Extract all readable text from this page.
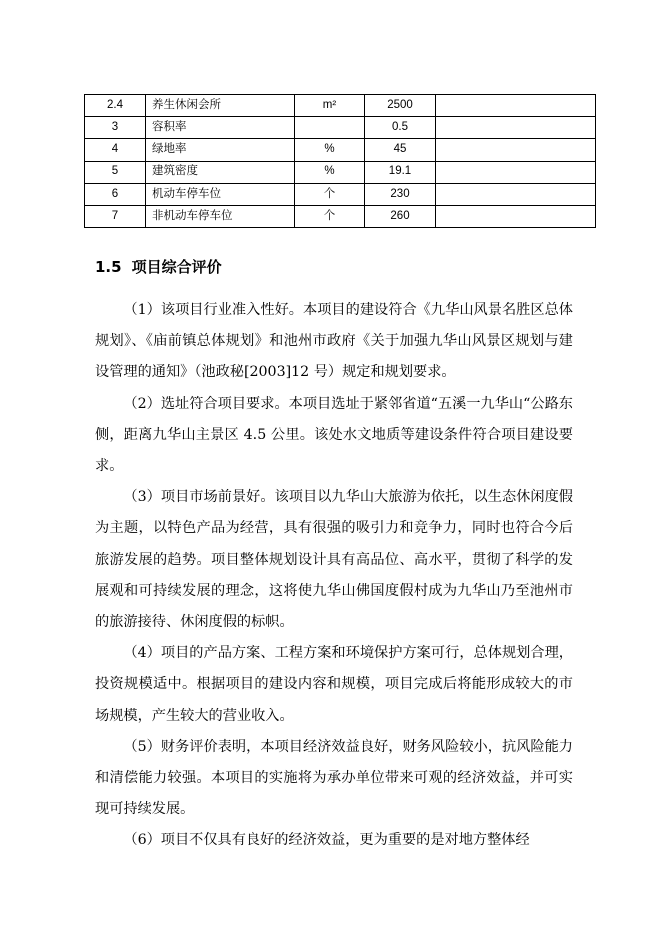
2.4	养生休闲会所	m²	2500	
3	容积率		0.5	
4	绿地率	%	45	
5	建筑密度	%	19.1	
6	机动车停车位	个	230	
7	非机动车停车位	个	260	
1.5 项目综合评价

（1）该项目行业准入性好。本项目的建设符合《九华山风景名胜区总体规划》、《庙前镇总体规划》和池州市政府《关于加强九华山风景区规划与建设管理的通知》（池政秘[2003]12 号）规定和规划要求。

（2）选址符合项目要求。本项目选址于紧邻省道“五溪一九华山“公路东侧，距离九华山主景区 4.5 公里。该处水文地质等建设条件符合项目建设要求。

（3）项目市场前景好。该项目以九华山大旅游为依托，以生态休闲度假为主题，以特色产品为经营，具有很强的吸引力和竞争力，同时也符合今后旅游发展的趋势。项目整体规划设计具有高品位、高水平，贯彻了科学的发展观和可持续发展的理念，这将使九华山佛国度假村成为九华山乃至池州市的旅游接待、休闲度假的标帜。

（4）项目的产品方案、工程方案和环境保护方案可行，总体规划合理，投资规模适中。根据项目的建设内容和规模，项目完成后将能形成较大的市场规模，产生较大的营业收入。

（5）财务评价表明，本项目经济效益良好，财务风险较小，抗风险能力和清偿能力较强。本项目的实施将为承办单位带来可观的经济效益，并可实现可持续发展。

（6）项目不仅具有良好的经济效益，更为重要的是对地方整体经
